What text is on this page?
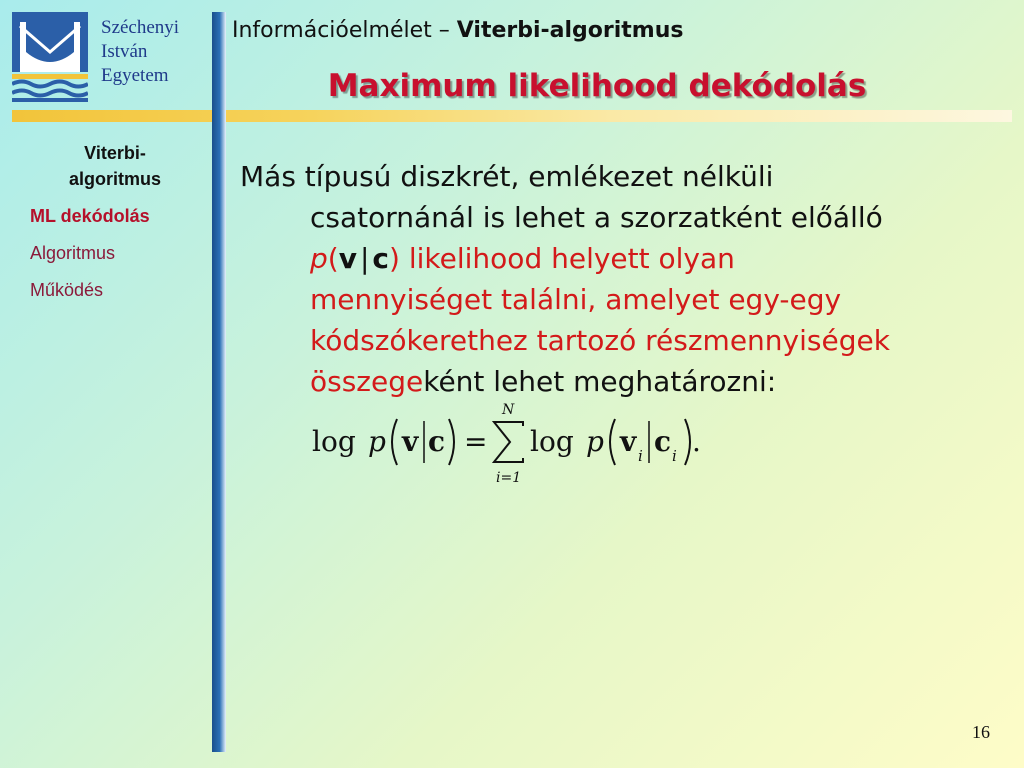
Széchenyi
István
Egyetem
Információelmélet – Viterbi-algoritmus
Maximum likelihood dekódolás
Viterbi-
algoritmus
ML dekódolás
Algoritmus
Működés
Más típusú diszkrét, emlékezet nélküli
csatornánál is lehet a szorzatként előálló
p(v | c) likelihood helyett olyan
mennyiséget találni, amelyet egy-egy
kódszókerethez tartozó részmennyiségek
összegeként lehet meghatározni:
log p v c =
N
i=1
log p v i c i .
16
